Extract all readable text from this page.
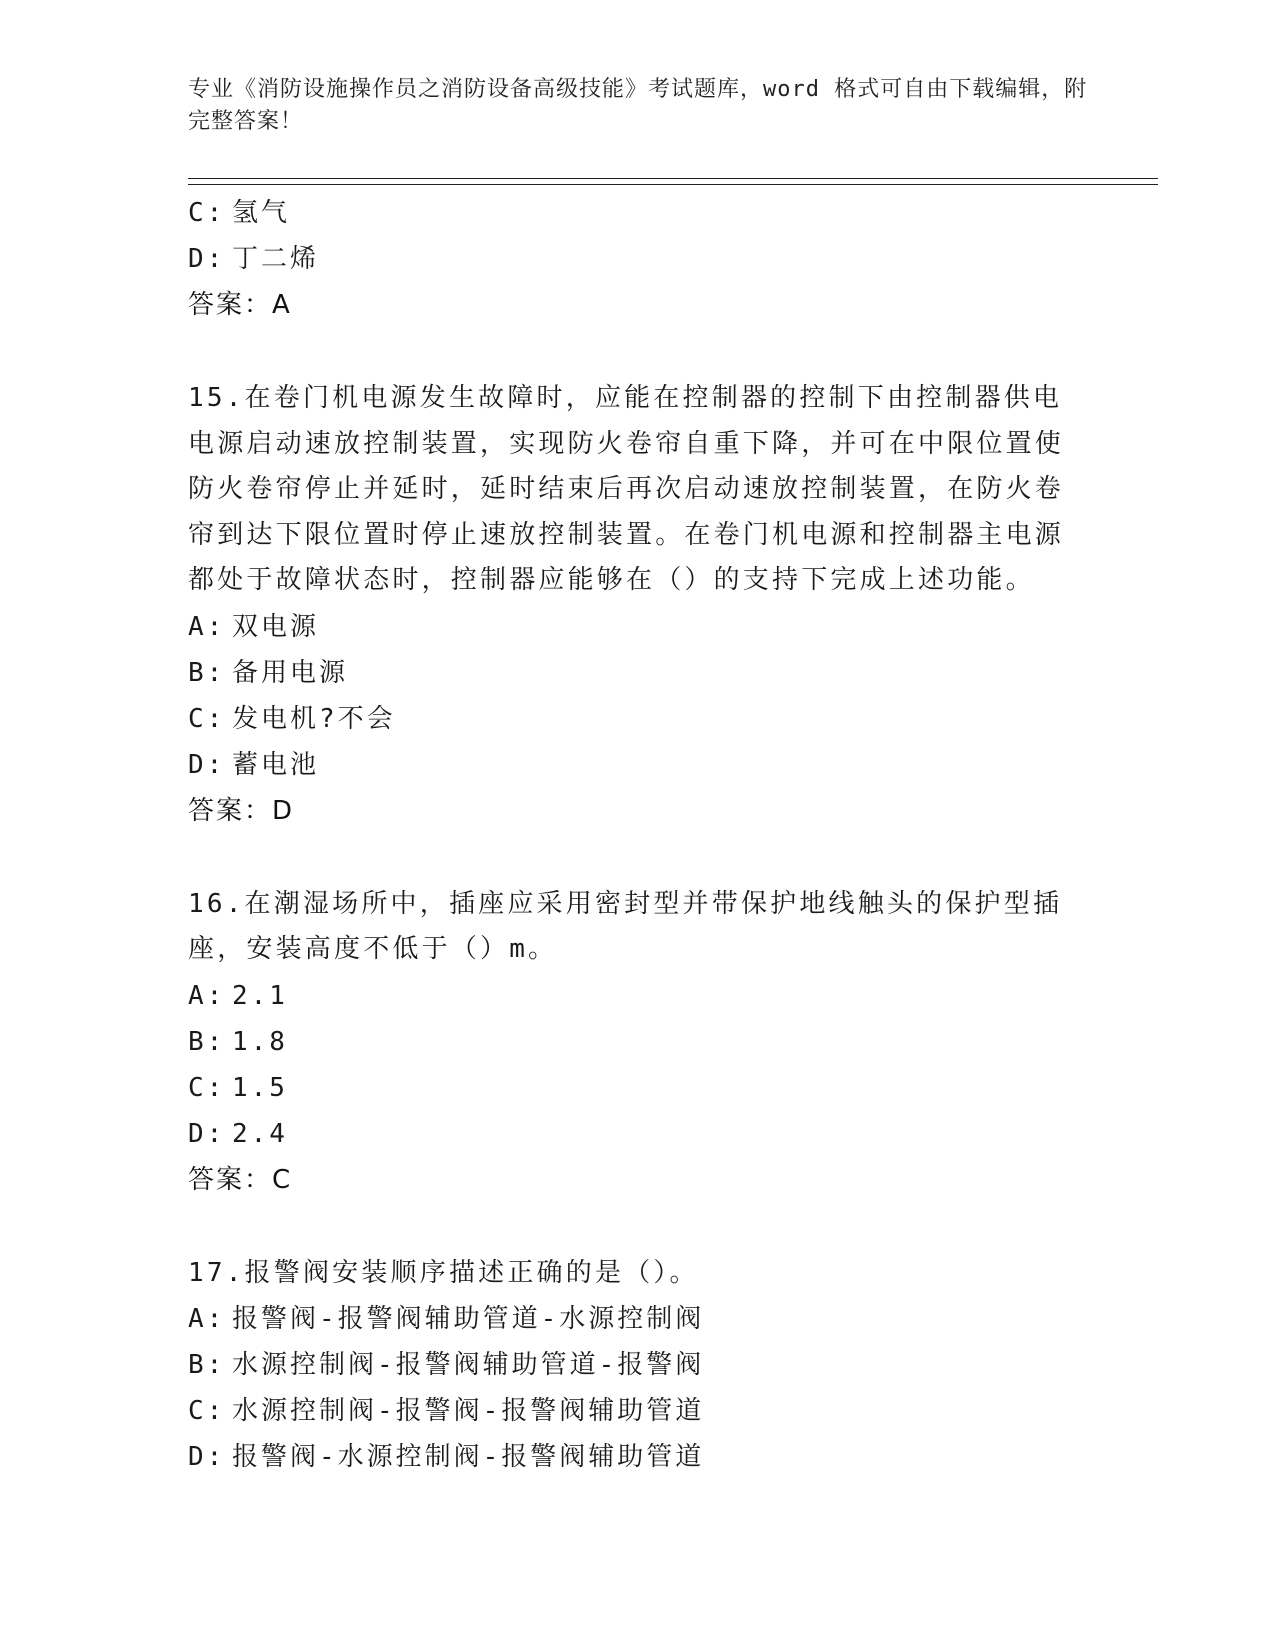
专业《消防设施操作员之消防设备高级技能》考试题库，word 格式可自由下载编辑，附完整答案！
C: 氢气
D: 丁二烯
答案：A
15.在卷门机电源发生故障时，应能在控制器的控制下由控制器供电电源启动速放控制装置，实现防火卷帘自重下降，并可在中限位置使防火卷帘停止并延时，延时结束后再次启动速放控制装置，在防火卷帘到达下限位置时停止速放控制装置。在卷门机电源和控制器主电源都处于故障状态时，控制器应能够在（）的支持下完成上述功能。
A: 双电源
B: 备用电源
C: 发电机?不会
D: 蓄电池
答案：D
16.在潮湿场所中，插座应采用密封型并带保护地线触头的保护型插座，安装高度不低于（）m。
A: 2.1
B: 1.8
C: 1.5
D: 2.4
答案：C
17.报警阀安装顺序描述正确的是（）。
A: 报警阀-报警阀辅助管道-水源控制阀
B: 水源控制阀-报警阀辅助管道-报警阀
C: 水源控制阀-报警阀-报警阀辅助管道
D: 报警阀-水源控制阀-报警阀辅助管道
